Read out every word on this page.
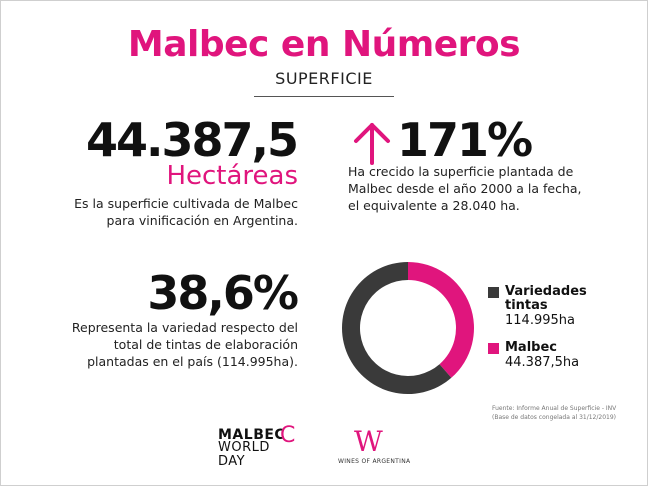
Malbec en Números
SUPERFICIE
44.387,5
Hectáreas
Es la superficie cultivada de Malbec para vinificación en Argentina.
171%
Ha crecido la superficie plantada de Malbec desde el año 2000 a la fecha, el equivalente a 28.040 ha.
38,6%
Representa la variedad respecto del total de tintas de elaboración plantadas en el país (114.995ha).
Variedades tintas
114.995ha
Malbec
44.387,5ha
Fuente: Informe Anual de Superficie - INV
(Base de datos congelada al 31/12/2019)
MALBEC
C
WORLD
DAY
W
WINES OF ARGENTINA
